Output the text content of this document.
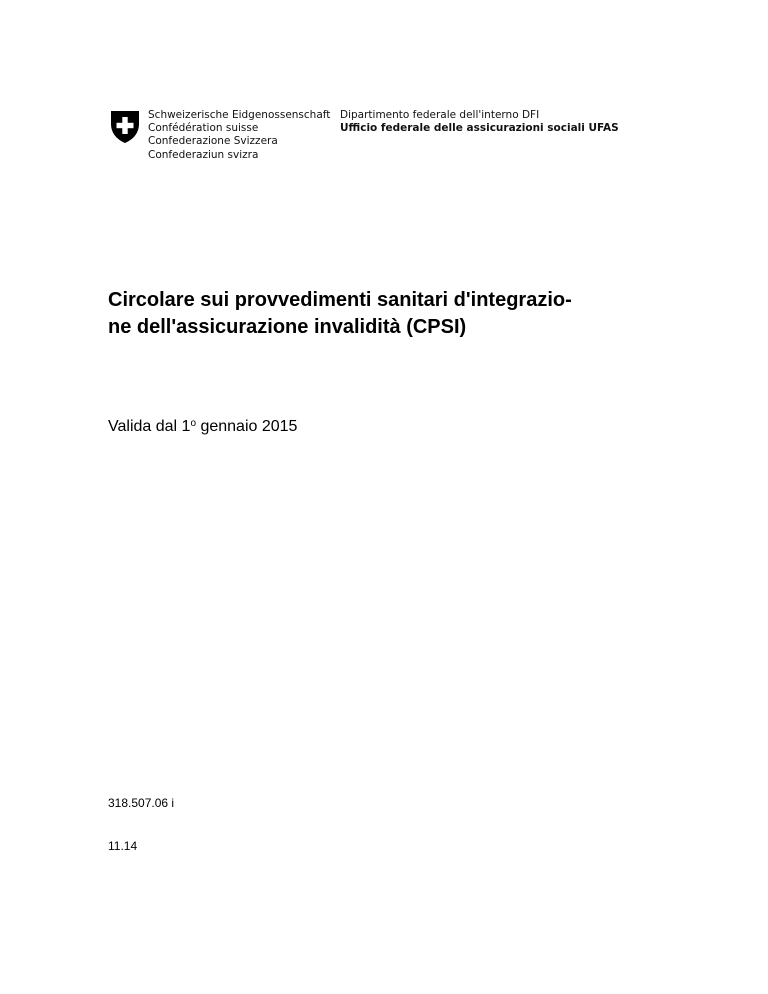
Schweizerische Eidgenossenschaft
Confédération suisse
Confederazione Svizzera
Confederaziun svizra
Dipartimento federale dell'interno DFI
Ufficio federale delle assicurazioni sociali UFAS
Circolare sui provvedimenti sanitari d'integrazio-
ne dell'assicurazione invalidità (CPSI)
Valida dal 1$^o$ gennaio 2015
318.507.06 i
11.14
